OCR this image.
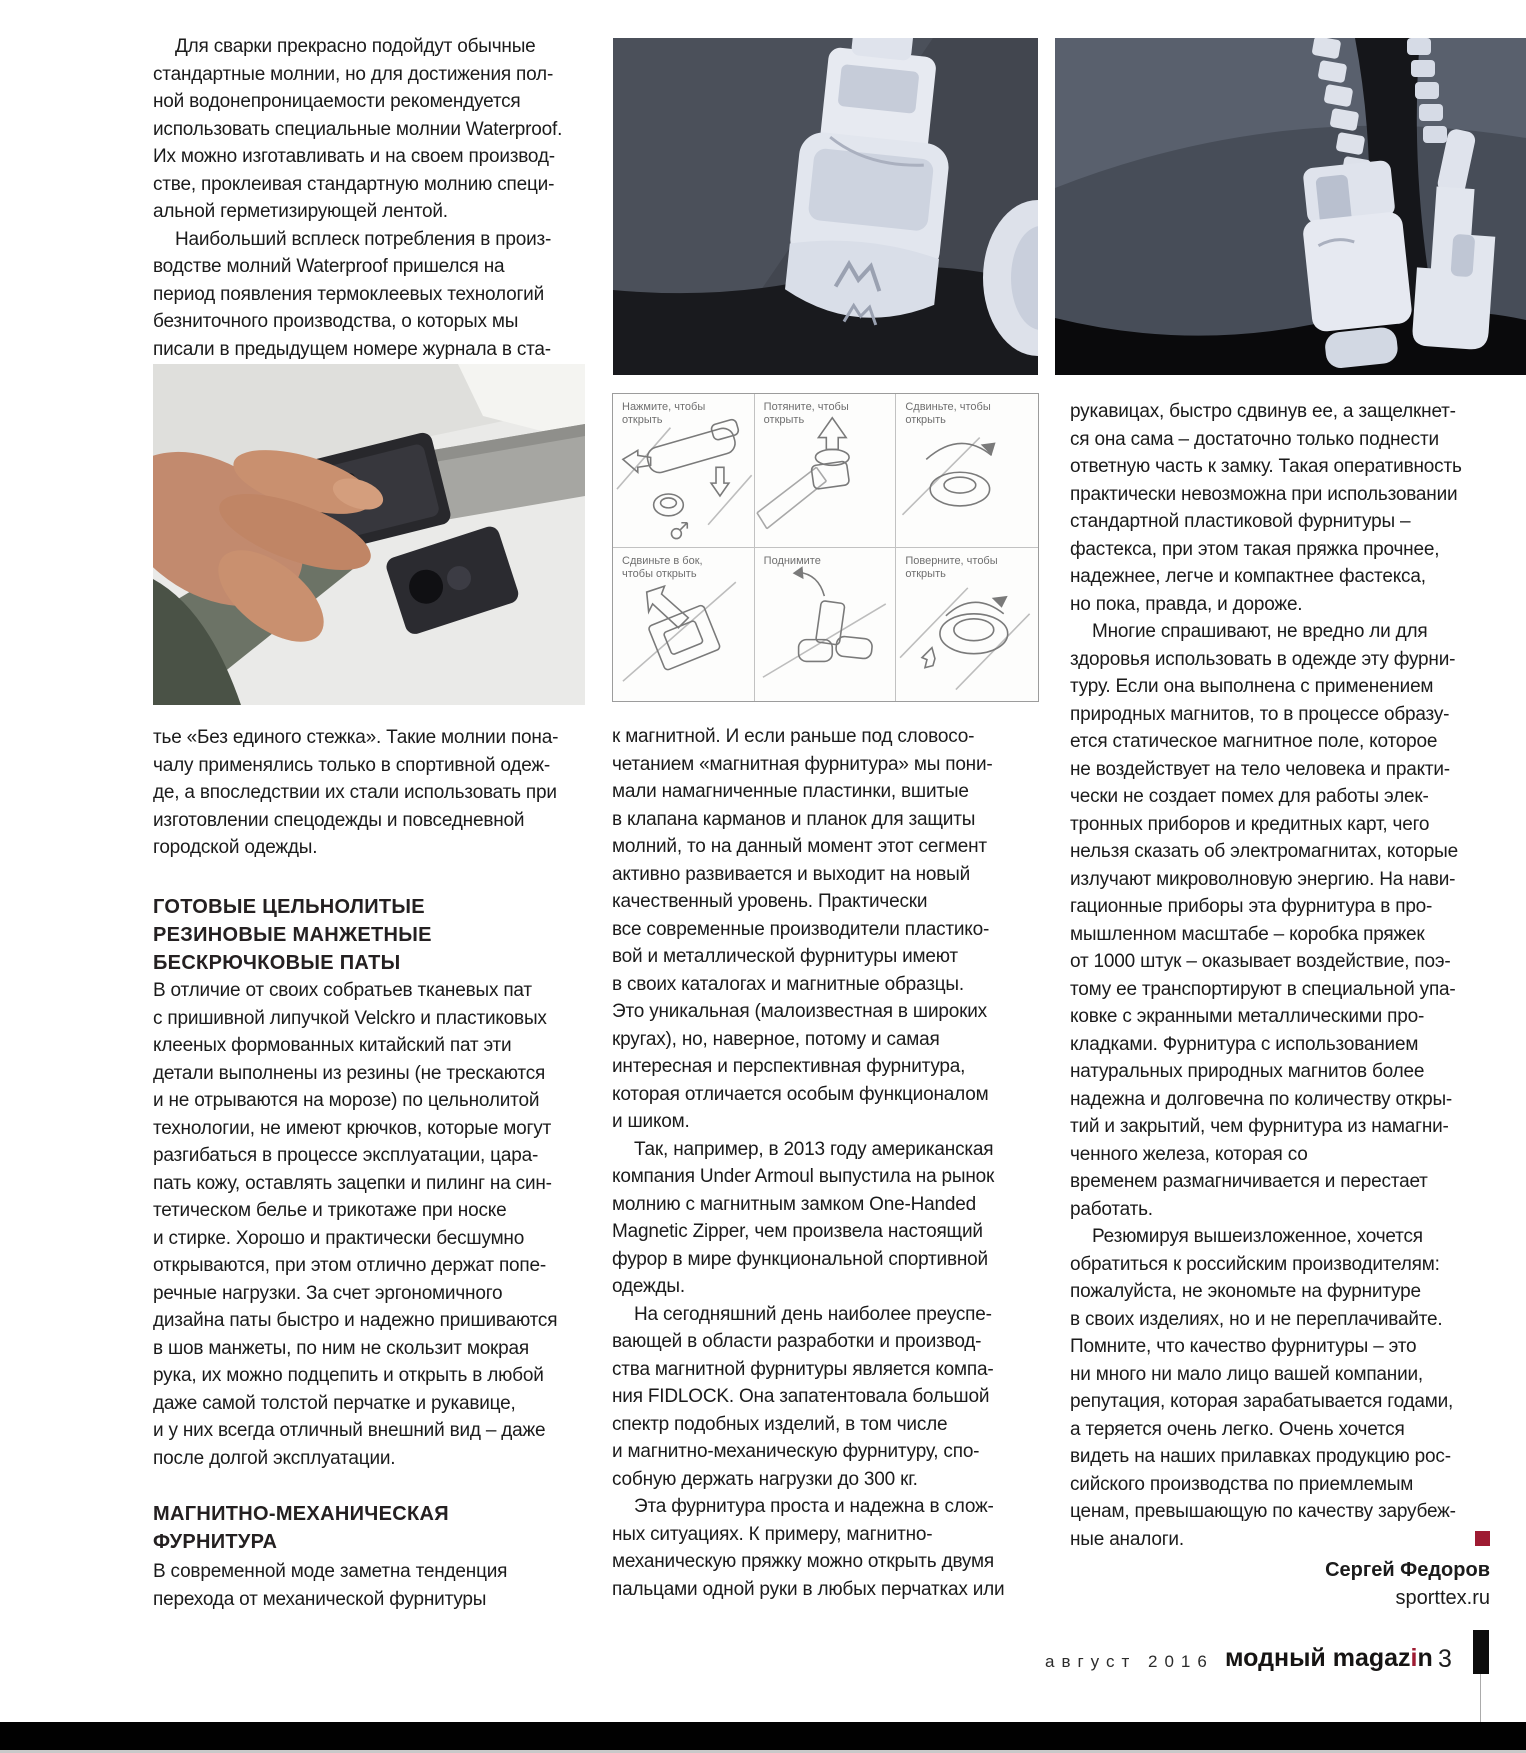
Для сварки прекрасно подойдут обычные
стандартные молнии, но для достижения пол-
ной водонепроницаемости рекомендуется
использовать специальные молнии Waterproof.
Их можно изготавливать и на своем производ-
стве, проклеивая стандартную молнию специ-
альной герметизирующей лентой.
Наибольший всплеск потребления в произ-
водстве молний Waterproof пришелся на
период появления термоклеевых технологий
безниточного производства, о которых мы
писали в предыдущем номере журнала в ста-
тье «Без единого стежка». Такие молнии пона-
чалу применялись только в спортивной одеж-
де, а впоследствии их стали использовать при
изготовлении спецодежды и повседневной
городской одежды.
ГОТОВЫЕ ЦЕЛЬНОЛИТЫЕ
РЕЗИНОВЫЕ МАНЖЕТНЫЕ
БЕСКРЮЧКОВЫЕ ПАТЫ
В отличие от своих собратьев тканевых пат
с пришивной липучкой Velckro и пластиковых
клееных формованных китайский пат эти
детали выполнены из резины (не трескаются
и не отрываются на морозе) по цельнолитой
технологии, не имеют крючков, которые могут
разгибаться в процессе эксплуатации, цара-
пать кожу, оставлять зацепки и пилинг на син-
тетическом белье и трикотаже при носке
и стирке. Хорошо и практически бесшумно
открываются, при этом отлично держат попе-
речные нагрузки. За счет эргономичного
дизайна паты быстро и надежно пришиваются
в шов манжеты, по ним не скользит мокрая
рука, их можно подцепить и открыть в любой
даже самой толстой перчатке и рукавице,
и у них всегда отличный внешний вид – даже
после долгой эксплуатации.
МАГНИТНО-МЕХАНИЧЕСКАЯ
ФУРНИТУРА
В современной моде заметна тенденция
перехода от механической фурнитуры
к магнитной. И если раньше под словосо-
четанием «магнитная фурнитура» мы пони-
мали намагниченные пластинки, вшитые
в клапана карманов и планок для защиты
молний, то на данный момент этот сегмент
активно развивается и выходит на новый
качественный уровень. Практически
все современные производители пластико-
вой и металлической фурнитуры имеют
в своих каталогах и магнитные образцы.
Это уникальная (малоизвестная в широких
кругах), но, наверное, потому и самая
интересная и перспективная фурнитура,
которая отличается особым функционалом
и шиком.
Так, например, в 2013 году американская
компания Under Armoul выпустила на рынок
молнию с магнитным замком One-Handed
Magnetic Zipper, чем произвела настоящий
фурор в мире функциональной спортивной
одежды.
На сегодняшний день наиболее преуспе-
вающей в области разработки и производ-
ства магнитной фурнитуры является компа-
ния FIDLOCK. Она запатентовала большой
спектр подобных изделий, в том числе
и магнитно-механическую фурнитуру, спо-
собную держать нагрузки до 300 кг.
Эта фурнитура проста и надежна в слож-
ных ситуациях. К примеру, магнитно-
механическую пряжку можно открыть двумя
пальцами одной руки в любых перчатках или
рукавицах, быстро сдвинув ее, а защелкнет-
ся она сама – достаточно только поднести
ответную часть к замку. Такая оперативность
практически невозможна при использовании
стандартной пластиковой фурнитуры –
фастекса, при этом такая пряжка прочнее,
надежнее, легче и компактнее фастекса,
но пока, правда, и дороже.
Многие спрашивают, не вредно ли для
здоровья использовать в одежде эту фурни-
туру. Если она выполнена с применением
природных магнитов, то в процессе образу-
ется статическое магнитное поле, которое
не воздействует на тело человека и практи-
чески не создает помех для работы элек-
тронных приборов и кредитных карт, чего
нельзя сказать об электромагнитах, которые
излучают микроволновую энергию. На нави-
гационные приборы эта фурнитура в про-
мышленном масштабе – коробка пряжек
от 1000 штук – оказывает воздействие, поэ-
тому ее транспортируют в специальной упа-
ковке с экранными металлическими про-
кладками. Фурнитура с использованием
натуральных природных магнитов более
надежна и долговечна по количеству откры-
тий и закрытий, чем фурнитура из намагни-
ченного железа, которая со
временем размагничивается и перестает
работать.
Резюмируя вышеизложенное, хочется
обратиться к российским производителям:
пожалуйста, не экономьте на фурнитуре
в своих изделиях, но и не переплачивайте.
Помните, что качество фурнитуры – это
ни много ни мало лицо вашей компании,
репутация, которая зарабатывается годами,
а теряется очень легко. Очень хочется
видеть на наших прилавках продукцию рос-
сийского производства по приемлемым
ценам, превышающую по качеству зарубеж-
ные аналоги.
Сергей Федоров
sporttex.ru
Нажмите, чтобы открыть
Потяните, чтобы открыть
Сдвиньте, чтобы открыть
Сдвиньте в бок, чтобы открыть
Поднимите	Поверните, чтобы открыть
август 2016 модный magazin 3
